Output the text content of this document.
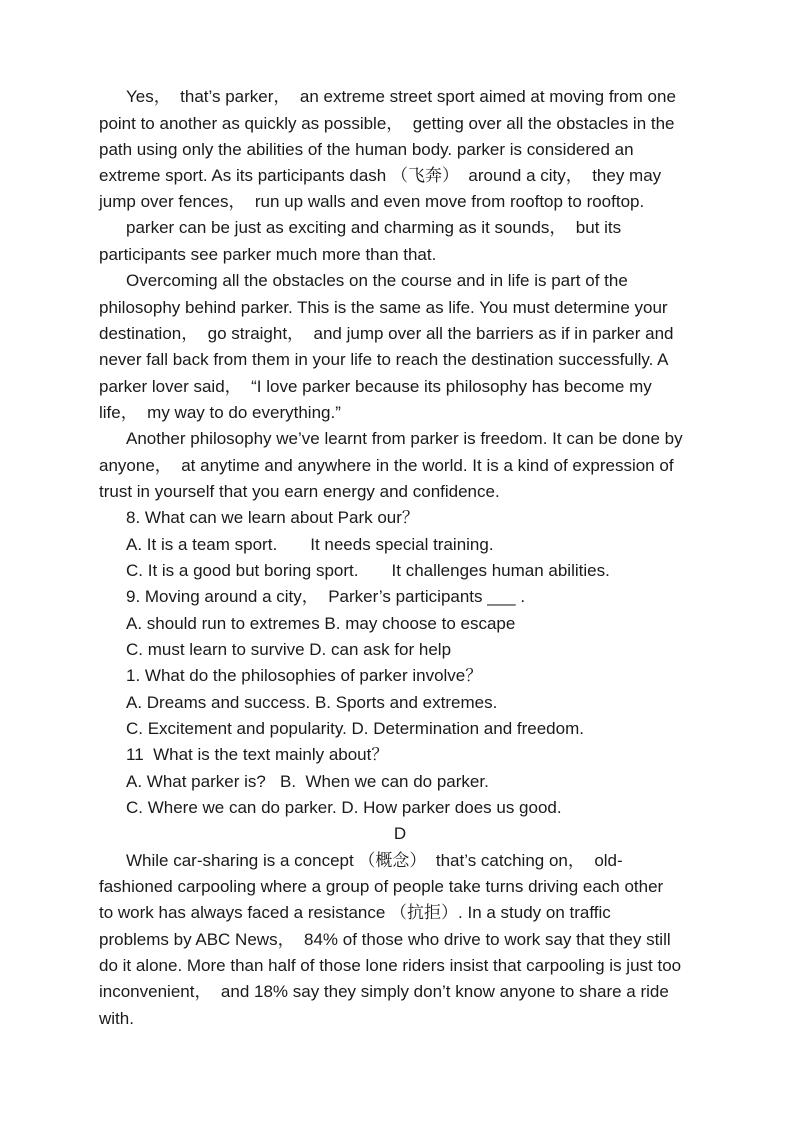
Yes，  that’s parker，  an extreme street sport aimed at moving from one
point to another as quickly as possible，  getting over all the obstacles in the
path using only the abilities of the human body. parker is considered an
extreme sport. As its participants dash （飞奔）  around a city，  they may
jump over fences，  run up walls and even move from rooftop to rooftop.
parker can be just as exciting and charming as it sounds，  but its
participants see parker much more than that.
Overcoming all the obstacles on the course and in life is part of the
philosophy behind parker. This is the same as life. You must determine your
destination，  go straight，  and jump over all the barriers as if in parker and
never fall back from them in your life to reach the destination successfully. A
parker lover said，  “I love parker because its philosophy has become my
life，  my way to do everything.”
Another philosophy we’ve learnt from parker is freedom. It can be done by
anyone，  at anytime and anywhere in the world. It is a kind of expression of
trust in yourself that you earn energy and confidence.
8. What can we learn about Park our？
A. It is a team sport.       It needs special training.
C. It is a good but boring sport.       It challenges human abilities.
9. Moving around a city，  Parker’s participants ___ .
A. should run to extremes B. may choose to escape
C. must learn to survive D. can ask for help
1. What do the philosophies of parker involve？
A. Dreams and success. B. Sports and extremes.
C. Excitement and popularity. D. Determination and freedom.
11  What is the text mainly about？
A. What parker is?   B.  When we can do parker.
C. Where we can do parker. D. How parker does us good.
D
While car-sharing is a concept （概念）  that’s catching on，  old-
fashioned carpooling where a group of people take turns driving each other
to work has always faced a resistance （抗拒）. In a study on traffic
problems by ABC News，  84% of those who drive to work say that they still
do it alone. More than half of those lone riders insist that carpooling is just too
inconvenient，  and 18% say they simply don’t know anyone to share a ride
with.
